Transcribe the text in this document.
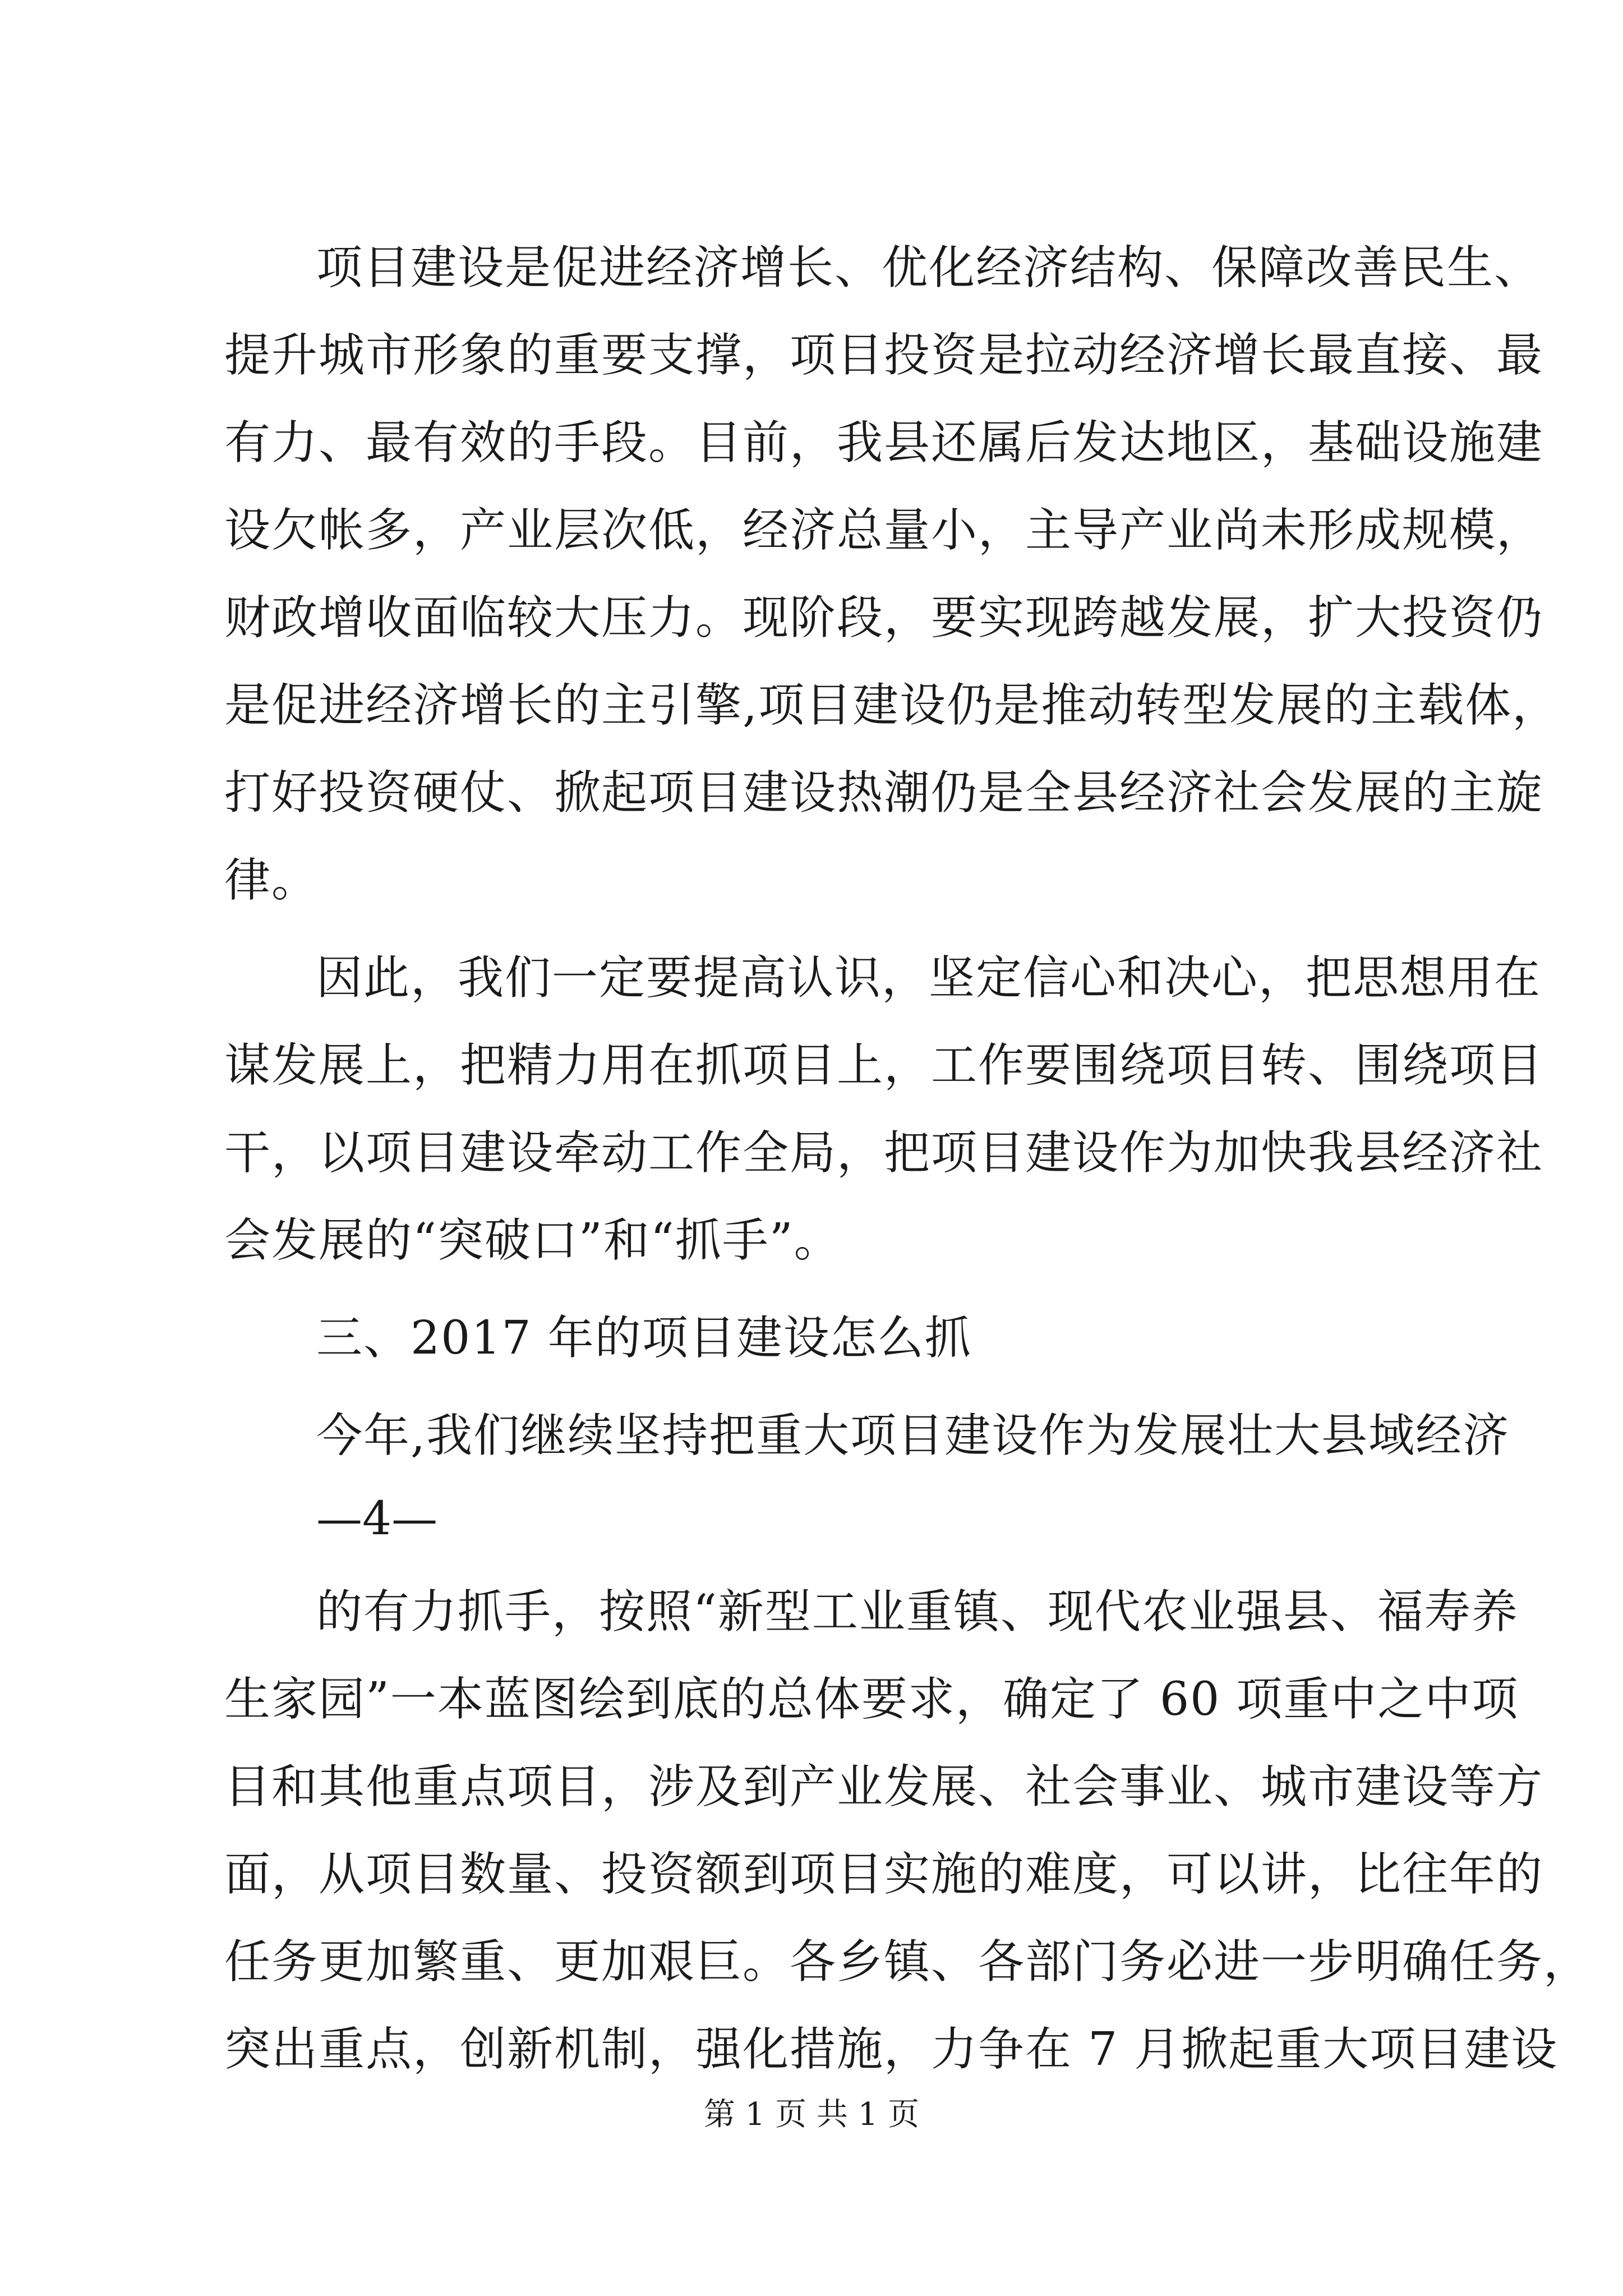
项目建设是促进经济增长、优化经济结构、保障改善民生、
提升城市形象的重要支撑，项目投资是拉动经济增长最直接、最
有力、最有效的手段。目前，我县还属后发达地区，基础设施建
设欠帐多，产业层次低，经济总量小，主导产业尚未形成规模，
财政增收面临较大压力。现阶段，要实现跨越发展，扩大投资仍
是促进经济增长的主引擎,项目建设仍是推动转型发展的主载体，
打好投资硬仗、掀起项目建设热潮仍是全县经济社会发展的主旋
律。
因此，我们一定要提高认识，坚定信心和决心，把思想用在
谋发展上，把精力用在抓项目上，工作要围绕项目转、围绕项目
干，以项目建设牵动工作全局，把项目建设作为加快我县经济社
会发展的“突破口”和“抓手”。
三、2017 年的项目建设怎么抓
今年,我们继续坚持把重大项目建设作为发展壮大县域经济
—4—
的有力抓手，按照“新型工业重镇、现代农业强县、福寿养
生家园”一本蓝图绘到底的总体要求，确定了 60 项重中之中项
目和其他重点项目，涉及到产业发展、社会事业、城市建设等方
面，从项目数量、投资额到项目实施的难度，可以讲，比往年的
任务更加繁重、更加艰巨。各乡镇、各部门务必进一步明确任务，
突出重点，创新机制，强化措施，力争在 7 月掀起重大项目建设
第 1 页 共 1 页
